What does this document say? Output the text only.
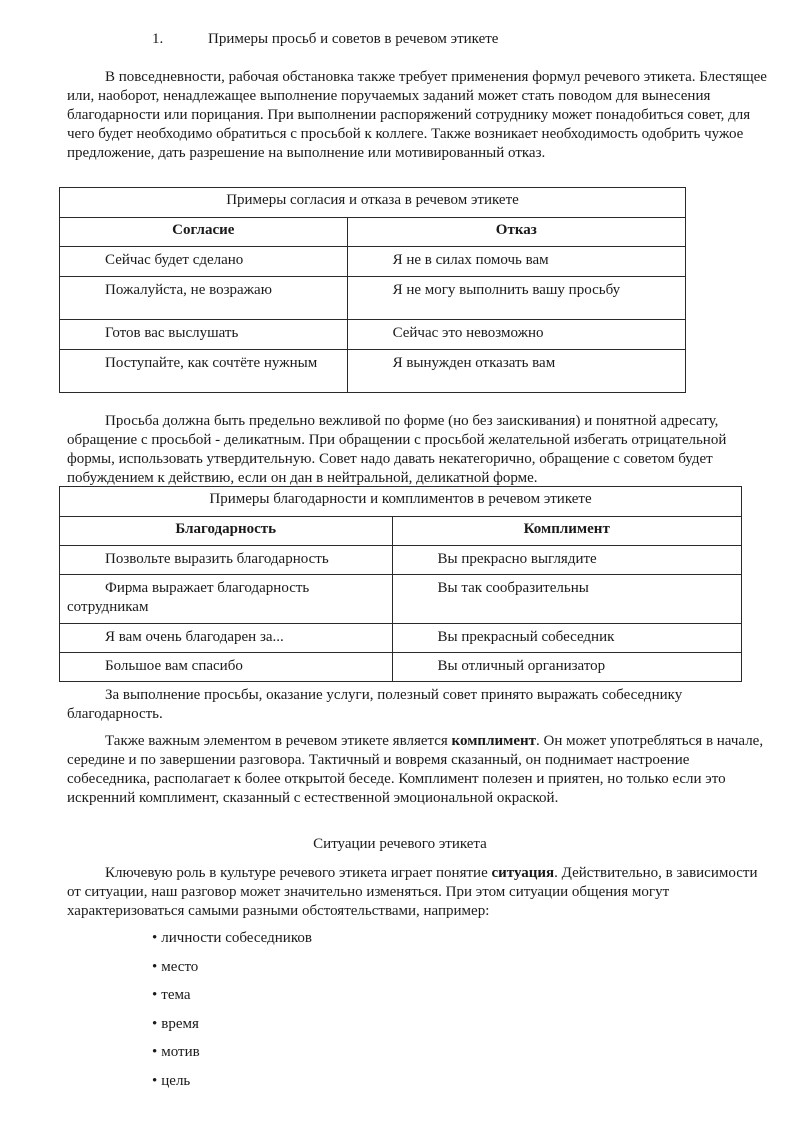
1.	Примеры просьб и советов в речевом этикете

В повседневности, рабочая обстановка также требует применения формул речевого этикета. Блестящее или, наоборот, ненадлежащее выполнение поручаемых заданий может стать поводом для вынесения благодарности или порицания. При выполнении распоряжений сотруднику может понадобиться совет, для чего будет необходимо обратиться с просьбой к коллеге. Также возникает необходимость одобрить чужое предложение, дать разрешение на выполнение или мотивированный отказ.

Примеры согласия и отказа в речевом этикете	
Согласие	Отказ
Сейчас будет сделано	Я не в силах помочь вам
Пожалуйста, не возражаю	Я не могу выполнить вашу просьбу
Готов вас выслушать	Сейчас это невозможно
Поступайте, как сочтёте нужным	Я вынужден отказать вам

Просьба должна быть предельно вежливой по форме (но без заискивания) и понятной адресату, обращение с просьбой - деликатным. При обращении с просьбой желательной избегать отрицательной формы, использовать утвердительную. Совет надо давать некатегорично, обращение с советом будет побуждением к действию, если он дан в нейтральной, деликатной форме.

Примеры благодарности и комплиментов в речевом этикете	
Благодарность	Комплимент
Позвольте выразить благодарность	Вы прекрасно выглядите
Фирма выражает благодарность
сотрудникам	Вы так сообразительны
Я вам очень благодарен за...	Вы прекрасный собеседник
Большое вам спасибо	Вы отличный организатор

За выполнение просьбы, оказание услуги, полезный совет принято выражать собеседнику благодарность.

Также важным элементом в речевом этикете является комплимент. Он может употребляться в начале, середине и по завершении разговора. Тактичный и вовремя сказанный, он поднимает настроение собеседника, располагает к более открытой беседе. Комплимент полезен и приятен, но только если это искренний комплимент, сказанный с естественной эмоциональной окраской.

Ситуации речевого этикета

Ключевую роль в культуре речевого этикета играет понятие ситуация. Действительно, в зависимости от ситуации, наш разговор может значительно изменяться. При этом ситуации общения могут характеризоваться самыми разными обстоятельствами, например:

• личности собеседников
• место
• тема
• время
• мотив
• цель
